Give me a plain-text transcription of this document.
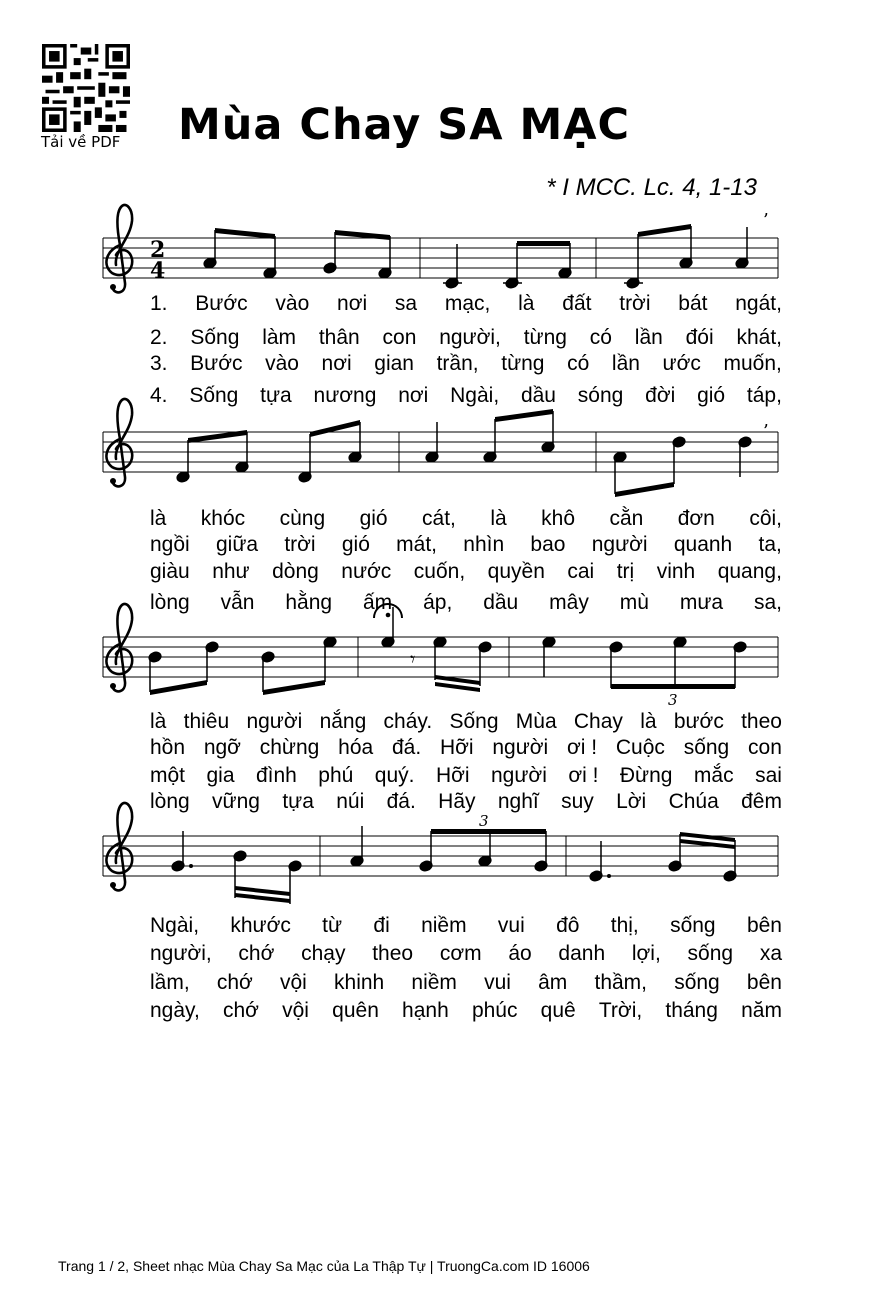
Tải về PDF Mùa Chay SA MẠC
* I MCC. Lc. 4, 1-13
2
4
’
’
𝄾
3
3
1. Bước vào nơi sa mạc, là đất trời bát ngát,
2. Sống làm thân con người, từng có lần đói khát,
3. Bước vào nơi gian trần, từng có lần ước muốn,
4. Sống tựa nương nơi Ngài, dầu sóng đời gió táp,
là khóc cùng gió cát, là khô cằn đơn côi,
ngồi giữa trời gió mát, nhìn bao người quanh ta,
giàu như dòng nước cuốn, quyền cai trị vinh quang,
lòng vẫn hằng ấm áp, dầu mây mù mưa sa,
là thiêu người nắng cháy. Sống Mùa Chay là bước theo
hồn ngỡ chừng hóa đá. Hỡi người ơi ! Cuộc sống con
một gia đình phú quý. Hỡi người ơi ! Đừng mắc sai
lòng vững tựa núi đá. Hãy nghĩ suy Lời Chúa đêm
Ngài, khước từ đi niềm vui đô thị, sống bên
người, chớ chạy theo cơm áo danh lợi, sống xa
lầm, chớ vội khinh niềm vui âm thầm, sống bên
ngày, chớ vội quên hạnh phúc quê Trời, tháng năm
Trang 1 / 2, Sheet nhạc Mùa Chay Sa Mạc của La Thập Tự | TruongCa.com ID 16006
